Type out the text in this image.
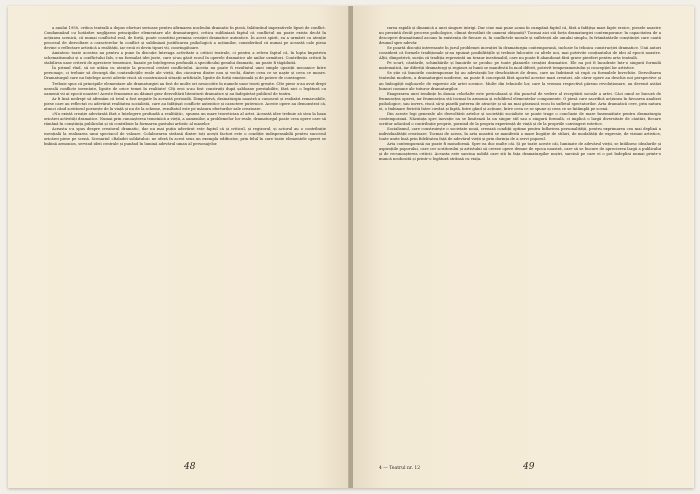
a anului 1950, critica teatrală a depus eforturi serioase pentru afirmarea nucleului dramatic în piesă, înlăturând imperativele lipsei de conflict. Condamnând cu hotărâre neglijarea principiilor elementare ale dramaturgiei, critica subliniază faptul că conflictul nu poate exista decât în acțiunea scenică, că numai conflictul real, de forță, poate constitui premisa creației dramatice autentice. În acest spirit, ea a urmărit cu atenție procesul de dezvoltare a caracterelor în conflict și subliniază justificarea psihologică a acțiunilor, considerând că numai pe această cale piesa devine o reflectare artistică a realității, iar eroii ei devin tipuri vii, convingătoare.

Amintesc toate acestea nu pentru a pune în discuție întreaga activitate a criticii teatrale, ci pentru a releva faptul că, în lupta împotriva schematismului și a conflictului fals, s-au formulat idei juste, care și-au găsit ecoul în operele dramatice ale anilor următori. Contribuția criticii la stabilirea unor criterii de apreciere temeinice, bazate pe înțelegerea profundă a specificului genului dramatic, nu poate fi tăgăduită.

În primul rînd, să ne uităm cu atenție la procesul creării conflictului. Acesta nu poate fi rezultatul unei simple opoziții mecanice între personaje, ci trebuie să decurgă din contradicțiile reale ale vieții, din ciocnirea dintre nou și vechi, dintre ceea ce se naște și ceea ce moare. Dramaturgul care nu înțelege acest adevăr riscă să construiască situații artificiale, lipsite de forță emoțională și de putere de convingere.

Trebuie spus că principiile elementare ale dramaturgiei au fost de multe ori nesocotite în numele unor teorii greșite. Cîte piese n-au avut drept urzeală conflicte inventate, lipsite de orice temei în realitate! Cîți eroi n-au fost construiți după șabloane prestabilite, fără nici o legătură cu oamenii vii ai epocii noastre! Aceste fenomene au dăunat grav dezvoltării literaturii dramatice și au îndepărtat publicul de teatru.

Ar fi însă nedrept să afirmăm că totul a fost negativ în această perioadă. Dimpotrivă, dramaturgia noastră a cunoscut și realizări remarcabile, piese care au reflectat cu adevărat realitatea socialistă, care au înfățișat conflicte autentice și caractere puternice. Aceste opere au demonstrat că, atunci când scriitorul pornește de la viață și nu de la scheme, rezultatul este pe măsura eforturilor sale creatoare.

«Nu există creație adevărată fără o înțelegere profundă a realității», spunea un mare teoretician al artei. Această idee trebuie să stea la baza oricărei activități dramatice. Numai prin cunoașterea temeinică a vieții, a oamenilor, a problemelor lor reale, dramaturgul poate crea opere care să rămână în conștiința publicului și să contribuie la formarea gustului artistic al maselor.

Aceasta s-a spus despre creatorul dramatic, dar nu mai puțin adevărat este faptul că și criticul, și regizorul, și actorul au o contribuție esențială la realizarea unui spectacol de valoare. Colaborarea strânsă dintre toți acești factori este o condiție indispensabilă pentru succesul oricărei piese pe scenă. Scenariul «Baladei soldatului» ne oferă în acest sens un exemplu edificator, prin felul în care toate elementele operei se îmbină armonios, servind ideii centrale și punând în lumină adevărul uman al personajelor.

48

rarea rapidă și dinamică a unei singure intrigi. Dar cine mai pune acum în cumpănă faptul că, fără a înfățișa mari fapte eroice, piesele noastre nu prezintă decât procese psihologice, climat dezvăluit de oameni obișnuiți? Tocmai aici stă forța dramaturgiei contemporane: în capacitatea de a descoperi dramatismul ascuns în existența de fiecare zi, în conflictele morale și sufletești ale omului simplu, în frământările conștiinței care caută drumul spre adevăr.

Se poartă discuții interesante în jurul problemei inovației în dramaturgia contemporană, inclusiv în tehnica construcției dramatice. Unii autori consideră că formele tradiționale și-au epuizat posibilitățile și trebuie înlocuite cu altele noi, mai potrivite conținutului de idei al epocii noastre. Alții, dimpotrivă, susțin că tradiția reprezintă un tezaur inestimabil, care nu poate fi abandonat fără grave pierderi pentru arta teatrală.

Pe scurt, căutările, schimbările și înnoirile se produc pe toate planurile creației dramatice. Ele nu pot fi încadrate într-o singură formulă matematică, iar diferiții dramaturgi și regizori ai lumii se manifestă în mod diferit, potrivit temperamentului și concepției lor artistice.

Se știe că înnoirile contemporane își au adevărații lor deschizători de drum, care au îndrăznit să rupă cu formulele învechite. Dezvoltarea teatrului modern, a dramaturgiei moderne, nu poate fi concepută fără aportul acestor mari creatori, ale căror opere au deschis noi perspective și au îmbogățit mijloacele de expresie ale artei scenice. Multe din tehnicile lor, care la vremea respectivă păreau revoluționare, au devenit astăzi bunuri comune ale tuturor dramaturgilor.

Exagerarea unei tendințe în dauna celorlalte este periculoasă și din punctul de vedere al receptării sociale a artei. Căci omul se bucură de frumusețea operei, iar frumusețea stă tocmai în armonia și echilibrul elementelor componente. O piesă care sacrifică acțiunea în favoarea analizei psihologice, sau invers, riscă să-și piardă puterea de atracție și să nu mai găsească ecou în sufletul spectatorilor. Arta dramatică cere, prin natura ei, o îmbinare fericită între cuvânt și faptă, între gând și acțiune, între ceea ce se spune și ceea ce se întâmplă pe scenă.

Din aceste legi generale ale dezvoltării artelor și societății socialiste se poate trage o concluzie de mare însemnătate pentru dramaturgia contemporană. Năzuința spre inovație nu se limitează la un singur stil sau o singură formulă, ci implică o largă diversitate de căutări, fiecare scriitor aducând o contribuție proprie, pornind de la propria experiență de viață și de la propriile convingeri estetice.

Socialismul, care construiește o societate nouă, creează condiții optime pentru înflorirea personalității, pentru exprimarea cea mai deplină a individualității creatoare. Tocmai de aceea, în arta noastră se manifestă o mare bogăție de stiluri, de modalități de expresie, de viziuni artistice, toate unite însă prin fidelitatea față de adevărul vieții și prin dorința de a servi poporul.

Arta contemporană nu poate fi monoformă. Spre ea duc multe căi. Și pe toate aceste căi, luminate de adevărul vieții, se întâlnesc idealurile și aspirațiile poporului, care cer scriitorului și artistului să creeze opere demne de epoca noastră, care să se bucure de aprecierea largă a publicului și de recunoașterea criticii. Aceasta este sarcina nobilă care stă în fața dramaturgilor noștri, sarcină pe care ei o pot îndeplini numai printr-o muncă neobosită și printr-o legătură strânsă cu viața.

4 — Teatrul nr. 12	49
